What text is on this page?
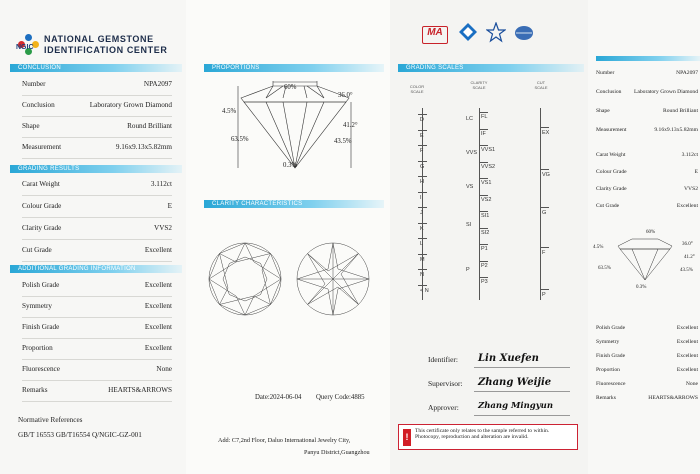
NATIONAL GEMSTONE
IDENTIFICATION CENTER
NGIC
CONCLUSION
Number	NPA2097
Conclusion	Laboratory Grown Diamond
Shape	Round Brilliant
Measurement	9.16x9.13x5.82mm
GRADING RESULTS
Carat Weight	3.112ct
Colour Grade	E
Clarity Grade	VVS2
Cut Grade	Excellent
ADDITIONAL GRADING INFORMATION
Polish Grade	Excellent
Symmetry	Excellent
Finish Grade	Excellent
Proportion	Excellent
Fluorescence	None
Remarks	HEARTS&ARROWS
Normative References
GB/T 16553 GB/T16554 Q/NGIC-GZ-001
PROPORTIONS
60%
36.0°
4.5%
41.2°
43.5%
63.5%
0.3%
CLARITY CHARACTERISTICS
Date:2024-06-04 Query Code:4885
Add: C7,2nd Floor, Daluo International Jewelry City,
Panyu District,Guangzhou
MA
GRADING SCALES
COLOR SCALE
CLARITY SCALE
CUT SCALE
D
E
F
G
H
I
J
K
L
M
N
< N
FL
IF
VVS1
VVS2
VS1
VS2
SI1
SI2
P1
P2
P3
LC
VVS
VS
SI
P
EX
VG
G
F
P
Identifier: Lin Xuefen
Supervisor: Zhang Weijie
Approver: Zhang Mingyun
!
This certificate only relates to the sample referred to within. Photocopy, reproduction and alteration are invalid.
Number	NPA2097
Conclusion Laboratory Grown Diamond
Shape	Round Brilliant
Measurement	9.16x9.13x5.82mm
Carat Weight	3.112ct
Colour Grade	E
Clarity Grade	VVS2
Cut Grade	Excellent
Polish Grade	Excellent
Symmetry	Excellent
Finish Grade	Excellent
Proportion	Excellent
Fluorescence	None
Remarks	HEARTS&ARROWS
60%
36.0°
4.5%
41.2°
43.5%
63.5%
0.3%
